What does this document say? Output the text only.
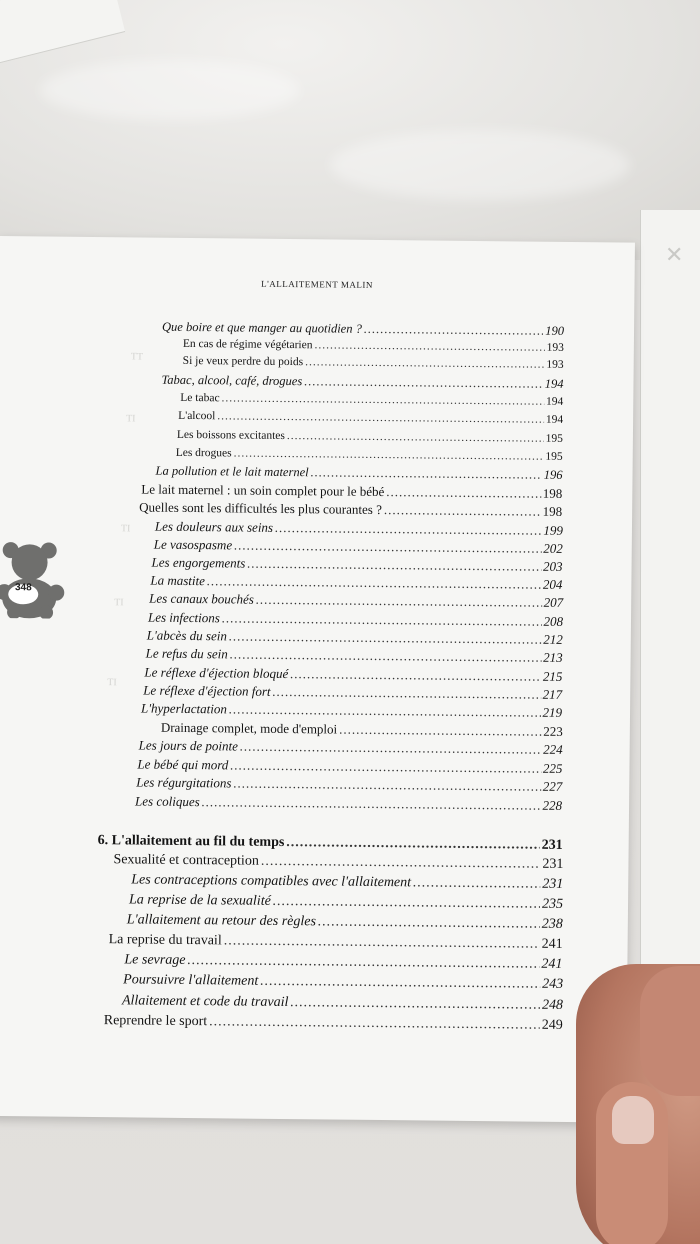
✕
L'ALLAITEMENT MALIN
348
TT
TI
TI
TI
TI
Que boire et que manger au quotidien ? .....	190
En cas de régime végétarien .....	193
Si je veux perdre du poids .....	193
Tabac, alcool, café, drogues .....	194
Le tabac .....	194
L'alcool .....	194
Les boissons excitantes .....	195
Les drogues .....	195
La pollution et le lait maternel .....	196
Le lait maternel : un soin complet pour le bébé .....	198
Quelles sont les difficultés les plus courantes ? .....	198
Les douleurs aux seins .....	199
Le vasospasme .....	202
Les engorgements .....	203
La mastite .....	204
Les canaux bouchés .....	207
Les infections .....	208
L'abcès du sein .....	212
Le refus du sein .....	213
Le réflexe d'éjection bloqué .....	215
Le réflexe d'éjection fort .....	217
L'hyperlactation .....	219
Drainage complet, mode d'emploi .....	223
Les jours de pointe .....	224
Le bébé qui mord .....	225
Les régurgitations .....	227
Les coliques .....	228
6. L'allaitement au fil du temps .....	231
Sexualité et contraception .....	231
Les contraceptions compatibles avec l'allaitement .....	231
La reprise de la sexualité .....	235
L'allaitement au retour des règles .....	238
La reprise du travail .....	241
Le sevrage .....	241
Poursuivre l'allaitement .....	243
Allaitement et code du travail .....	248
Reprendre le sport .....	249
